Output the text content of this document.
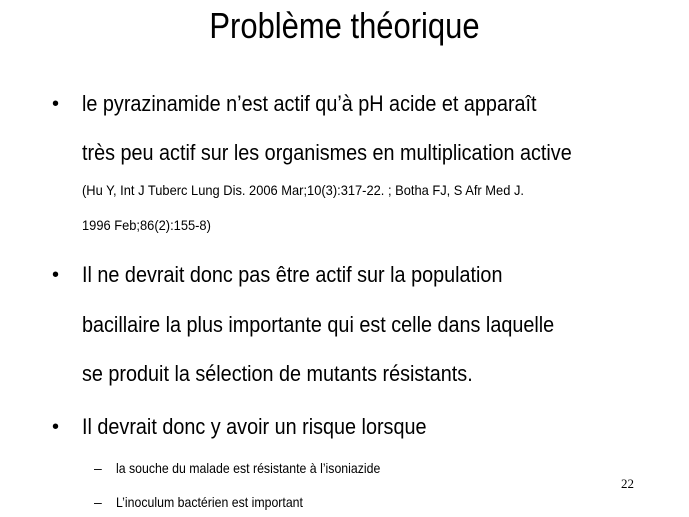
Problème théorique
• le pyrazinamide n’est actif qu’à pH acide et apparaît
très peu actif sur les organismes en multiplication active
(Hu Y, Int J Tuberc Lung Dis. 2006 Mar;10(3):317-22. ; Botha FJ, S Afr Med J.
1996 Feb;86(2):155-8)
• Il ne devrait donc pas être actif sur la population
bacillaire la plus importante qui est celle dans laquelle
se produit la sélection de mutants résistants.
• Il devrait donc y avoir un risque lorsque
– la souche du malade est résistante à l’isoniazide
– L’inoculum bactérien est important
22
